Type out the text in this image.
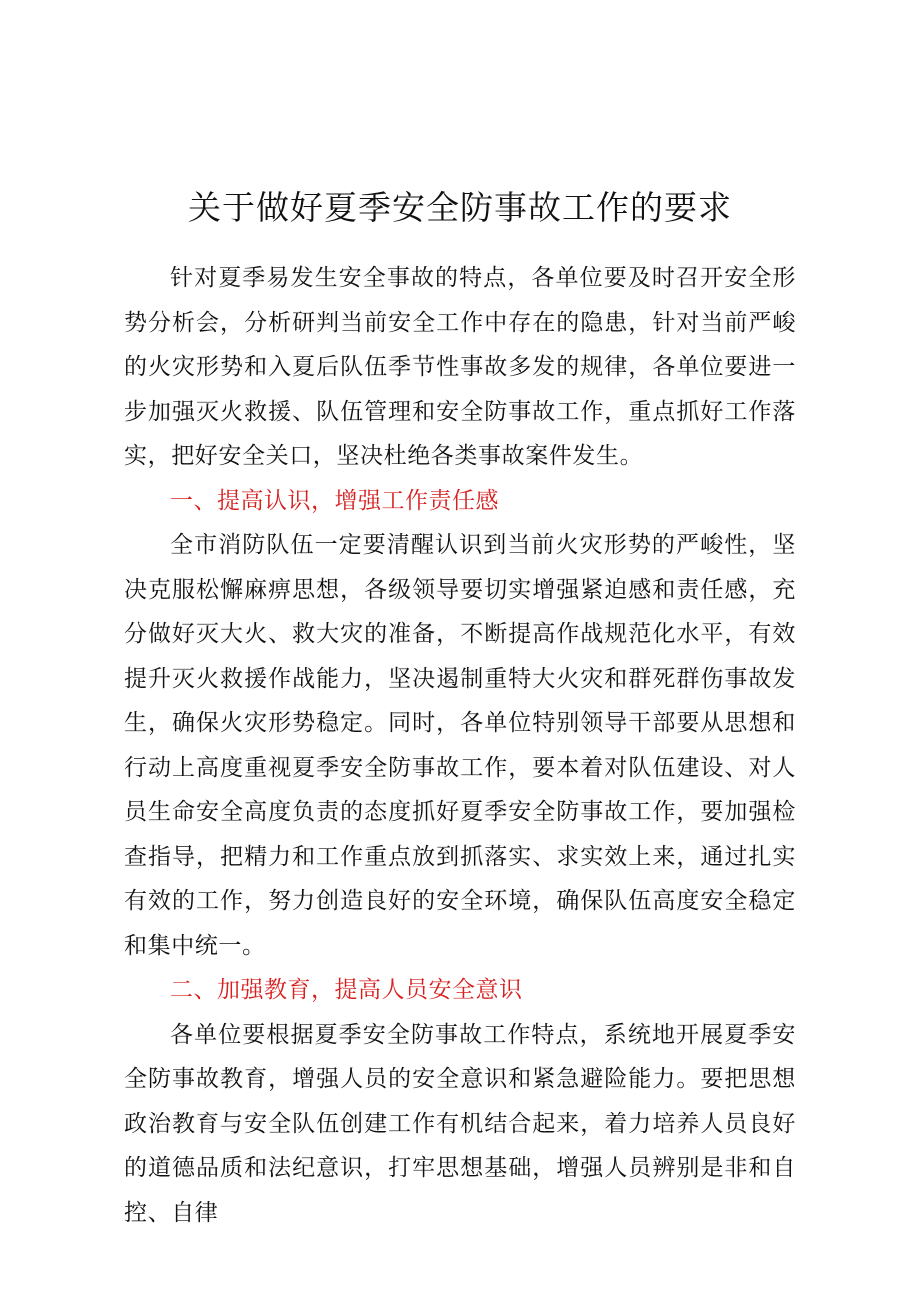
关于做好夏季安全防事故工作的要求

针对夏季易发生安全事故的特点，各单位要及时召开安全形势分析会，分析研判当前安全工作中存在的隐患，针对当前严峻的火灾形势和入夏后队伍季节性事故多发的规律，各单位要进一步加强灭火救援、队伍管理和安全防事故工作，重点抓好工作落实，把好安全关口，坚决杜绝各类事故案件发生。

一、提高认识，增强工作责任感

全市消防队伍一定要清醒认识到当前火灾形势的严峻性，坚决克服松懈麻痹思想，各级领导要切实增强紧迫感和责任感，充分做好灭大火、救大灾的准备，不断提高作战规范化水平，有效提升灭火救援作战能力，坚决遏制重特大火灾和群死群伤事故发生，确保火灾形势稳定。同时，各单位特别领导干部要从思想和行动上高度重视夏季安全防事故工作，要本着对队伍建设、对人员生命安全高度负责的态度抓好夏季安全防事故工作，要加强检查指导，把精力和工作重点放到抓落实、求实效上来，通过扎实有效的工作，努力创造良好的安全环境，确保队伍高度安全稳定和集中统一。

二、加强教育，提高人员安全意识

各单位要根据夏季安全防事故工作特点，系统地开展夏季安全防事故教育，增强人员的安全意识和紧急避险能力。要把思想政治教育与安全队伍创建工作有机结合起来，着力培养人员良好的道德品质和法纪意识，打牢思想基础，增强人员辨别是非和自控、自律
